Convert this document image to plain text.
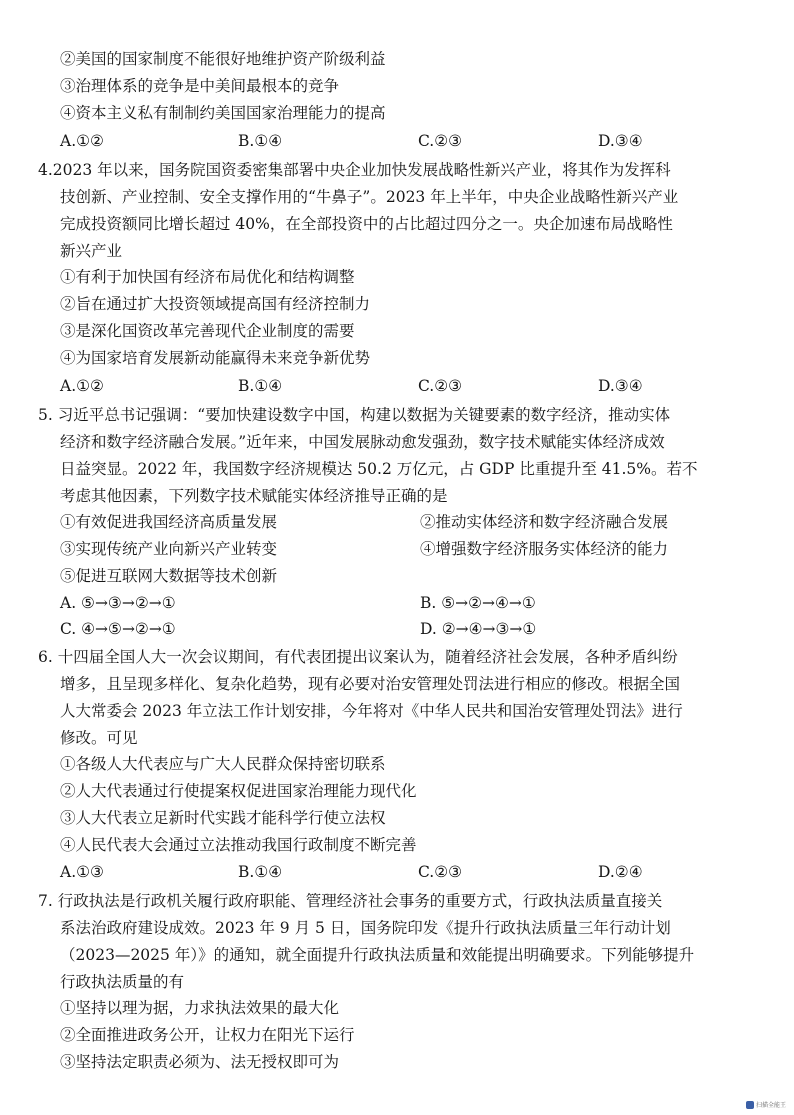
②美国的国家制度不能很好地维护资产阶级利益
③治理体系的竞争是中美间最根本的竞争
④资本主义私有制制约美国国家治理能力的提高
A.①②	B.①④	C.②③	D.③④
4.2023 年以来，国务院国资委密集部署中央企业加快发展战略性新兴产业，将其作为发挥科
技创新、产业控制、安全支撑作用的“牛鼻子”。2023 年上半年，中央企业战略性新兴产业
完成投资额同比增长超过 40%，在全部投资中的占比超过四分之一。央企加速布局战略性
新兴产业
①有利于加快国有经济布局优化和结构调整
②旨在通过扩大投资领域提高国有经济控制力
③是深化国资改革完善现代企业制度的需要
④为国家培育发展新动能赢得未来竞争新优势
A.①②	B.①④	C.②③	D.③④
5. 习近平总书记强调：“要加快建设数字中国，构建以数据为关键要素的数字经济，推动实体
经济和数字经济融合发展。”近年来，中国发展脉动愈发强劲，数字技术赋能实体经济成效
日益突显。2022 年，我国数字经济规模达 50.2 万亿元，占 GDP 比重提升至 41.5%。若不
考虑其他因素，下列数字技术赋能实体经济推导正确的是
①有效促进我国经济高质量发展	②推动实体经济和数字经济融合发展
③实现传统产业向新兴产业转变	④增强数字经济服务实体经济的能力
⑤促进互联网大数据等技术创新
A. ⑤→③→②→①	B. ⑤→②→④→①
C. ④→⑤→②→①	D. ②→④→③→①
6. 十四届全国人大一次会议期间，有代表团提出议案认为，随着经济社会发展，各种矛盾纠纷
增多，且呈现多样化、复杂化趋势，现有必要对治安管理处罚法进行相应的修改。根据全国
人大常委会 2023 年立法工作计划安排，今年将对《中华人民共和国治安管理处罚法》进行
修改。可见
①各级人大代表应与广大人民群众保持密切联系
②人大代表通过行使提案权促进国家治理能力现代化
③人大代表立足新时代实践才能科学行使立法权
④人民代表大会通过立法推动我国行政制度不断完善
A.①③	B.①④	C.②③	D.②④
7. 行政执法是行政机关履行政府职能、管理经济社会事务的重要方式，行政执法质量直接关
系法治政府建设成效。2023 年 9 月 5 日，国务院印发《提升行政执法质量三年行动计划
（2023—2025 年）》的通知，就全面提升行政执法质量和效能提出明确要求。下列能够提升
行政执法质量的有
①坚持以理为据，力求执法效果的最大化
②全面推进政务公开，让权力在阳光下运行
③坚持法定职责必须为、法无授权即可为
扫描全能王
